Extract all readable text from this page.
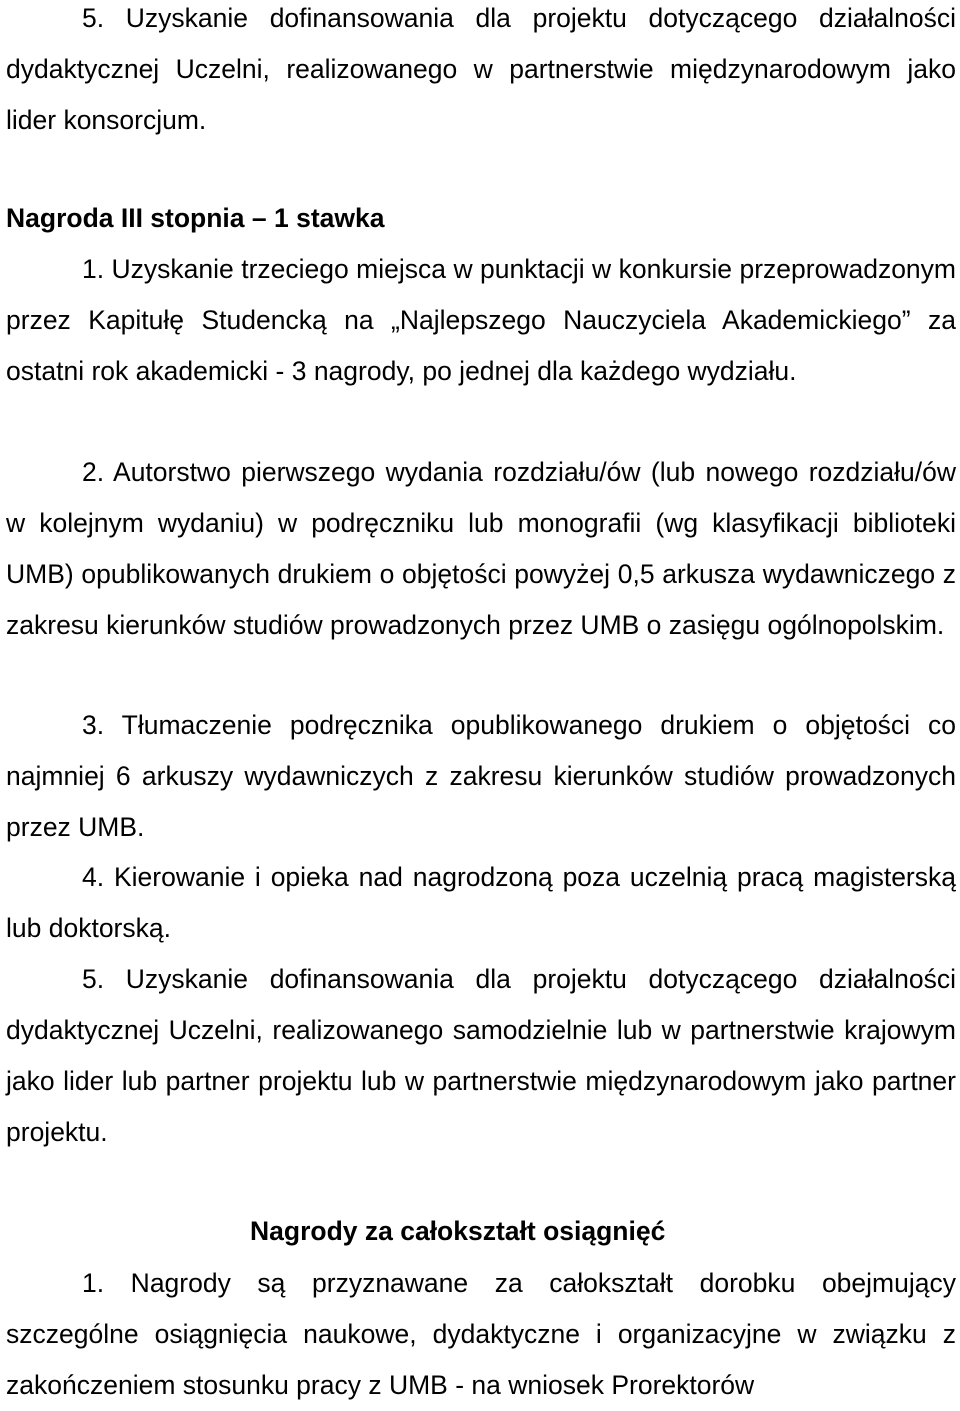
5. Uzyskanie dofinansowania dla projektu dotyczącego działalności dydaktycznej Uczelni, realizowanego w partnerstwie międzynarodowym jako lider konsorcjum.

Nagroda III stopnia – 1 stawka

1. Uzyskanie trzeciego miejsca w punktacji w konkursie przeprowadzonym przez Kapitułę Studencką na „Najlepszego Nauczyciela Akademickiego” za ostatni rok akademicki - 3 nagrody, po jednej dla każdego wydziału.

2. Autorstwo pierwszego wydania rozdziału/ów (lub nowego rozdziału/ów w kolejnym wydaniu) w podręczniku lub monografii (wg klasyfikacji biblioteki UMB) opublikowanych drukiem o objętości powyżej 0,5 arkusza wydawniczego z zakresu kierunków studiów prowadzonych przez UMB o zasięgu ogólnopolskim.

3. Tłumaczenie podręcznika opublikowanego drukiem o objętości co najmniej 6 arkuszy wydawniczych z zakresu kierunków studiów prowadzonych przez UMB.

4. Kierowanie i opieka nad nagrodzoną poza uczelnią pracą magisterską lub doktorską.

5. Uzyskanie dofinansowania dla projektu dotyczącego działalności dydaktycznej Uczelni, realizowanego samodzielnie lub w partnerstwie krajowym jako lider lub partner projektu lub w partnerstwie międzynarodowym jako partner projektu.

Nagrody za całokształt osiągnięć

1. Nagrody są przyznawane za całokształt dorobku obejmujący szczególne osiągnięcia naukowe, dydaktyczne i organizacyjne w związku z zakończeniem stosunku pracy z UMB - na wniosek Prorektorów
